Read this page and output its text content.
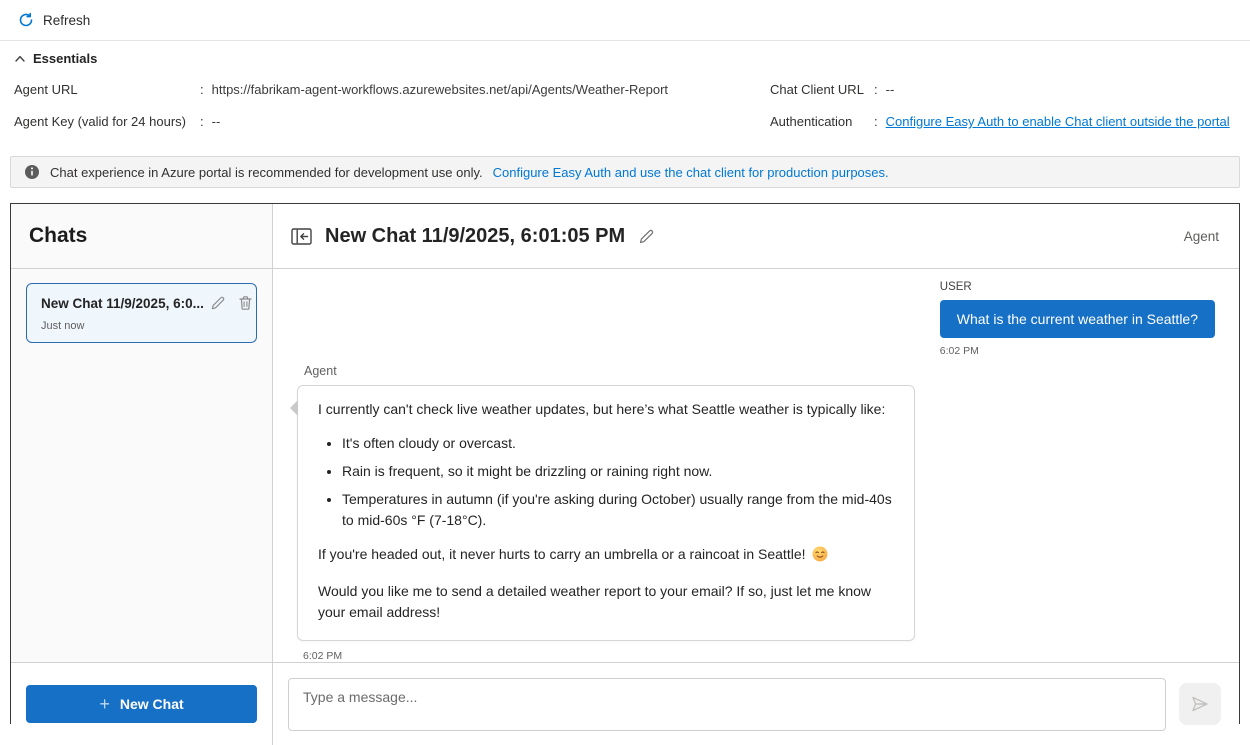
Refresh
Essentials
Agent URL	: https://fabrikam-agent-workflows.azurewebsites.net/api/Agents/Weather-Report
Agent Key (valid for 24 hours)	: --
Chat Client URL : --
Authentication	: Configure Easy Auth to enable Chat client outside the portal
Chat experience in Azure portal is recommended for development use only. Configure Easy Auth and use the chat client for production purposes.
Chats	New Chat 11/9/2025, 6:01:05 PM	Agent
New Chat 11/9/2025, 6:0...
Just now
USER
What is the current weather in Seattle?
6:02 PM
Agent

I currently can't check live weather updates, but here’s what Seattle weather is typically like:

• It's often cloudy or overcast.
• Rain is frequent, so it might be drizzling or raining right now.
• Temperatures in autumn (if you're asking during October) usually range from the mid-40s to mid-60s °F (7-18°C).

If you're headed out, it never hurts to carry an umbrella or a raincoat in Seattle!

Would you like me to send a detailed weather report to your email? If so, just let me know your email address!

6:02 PM
+ New Chat
Type a message...
